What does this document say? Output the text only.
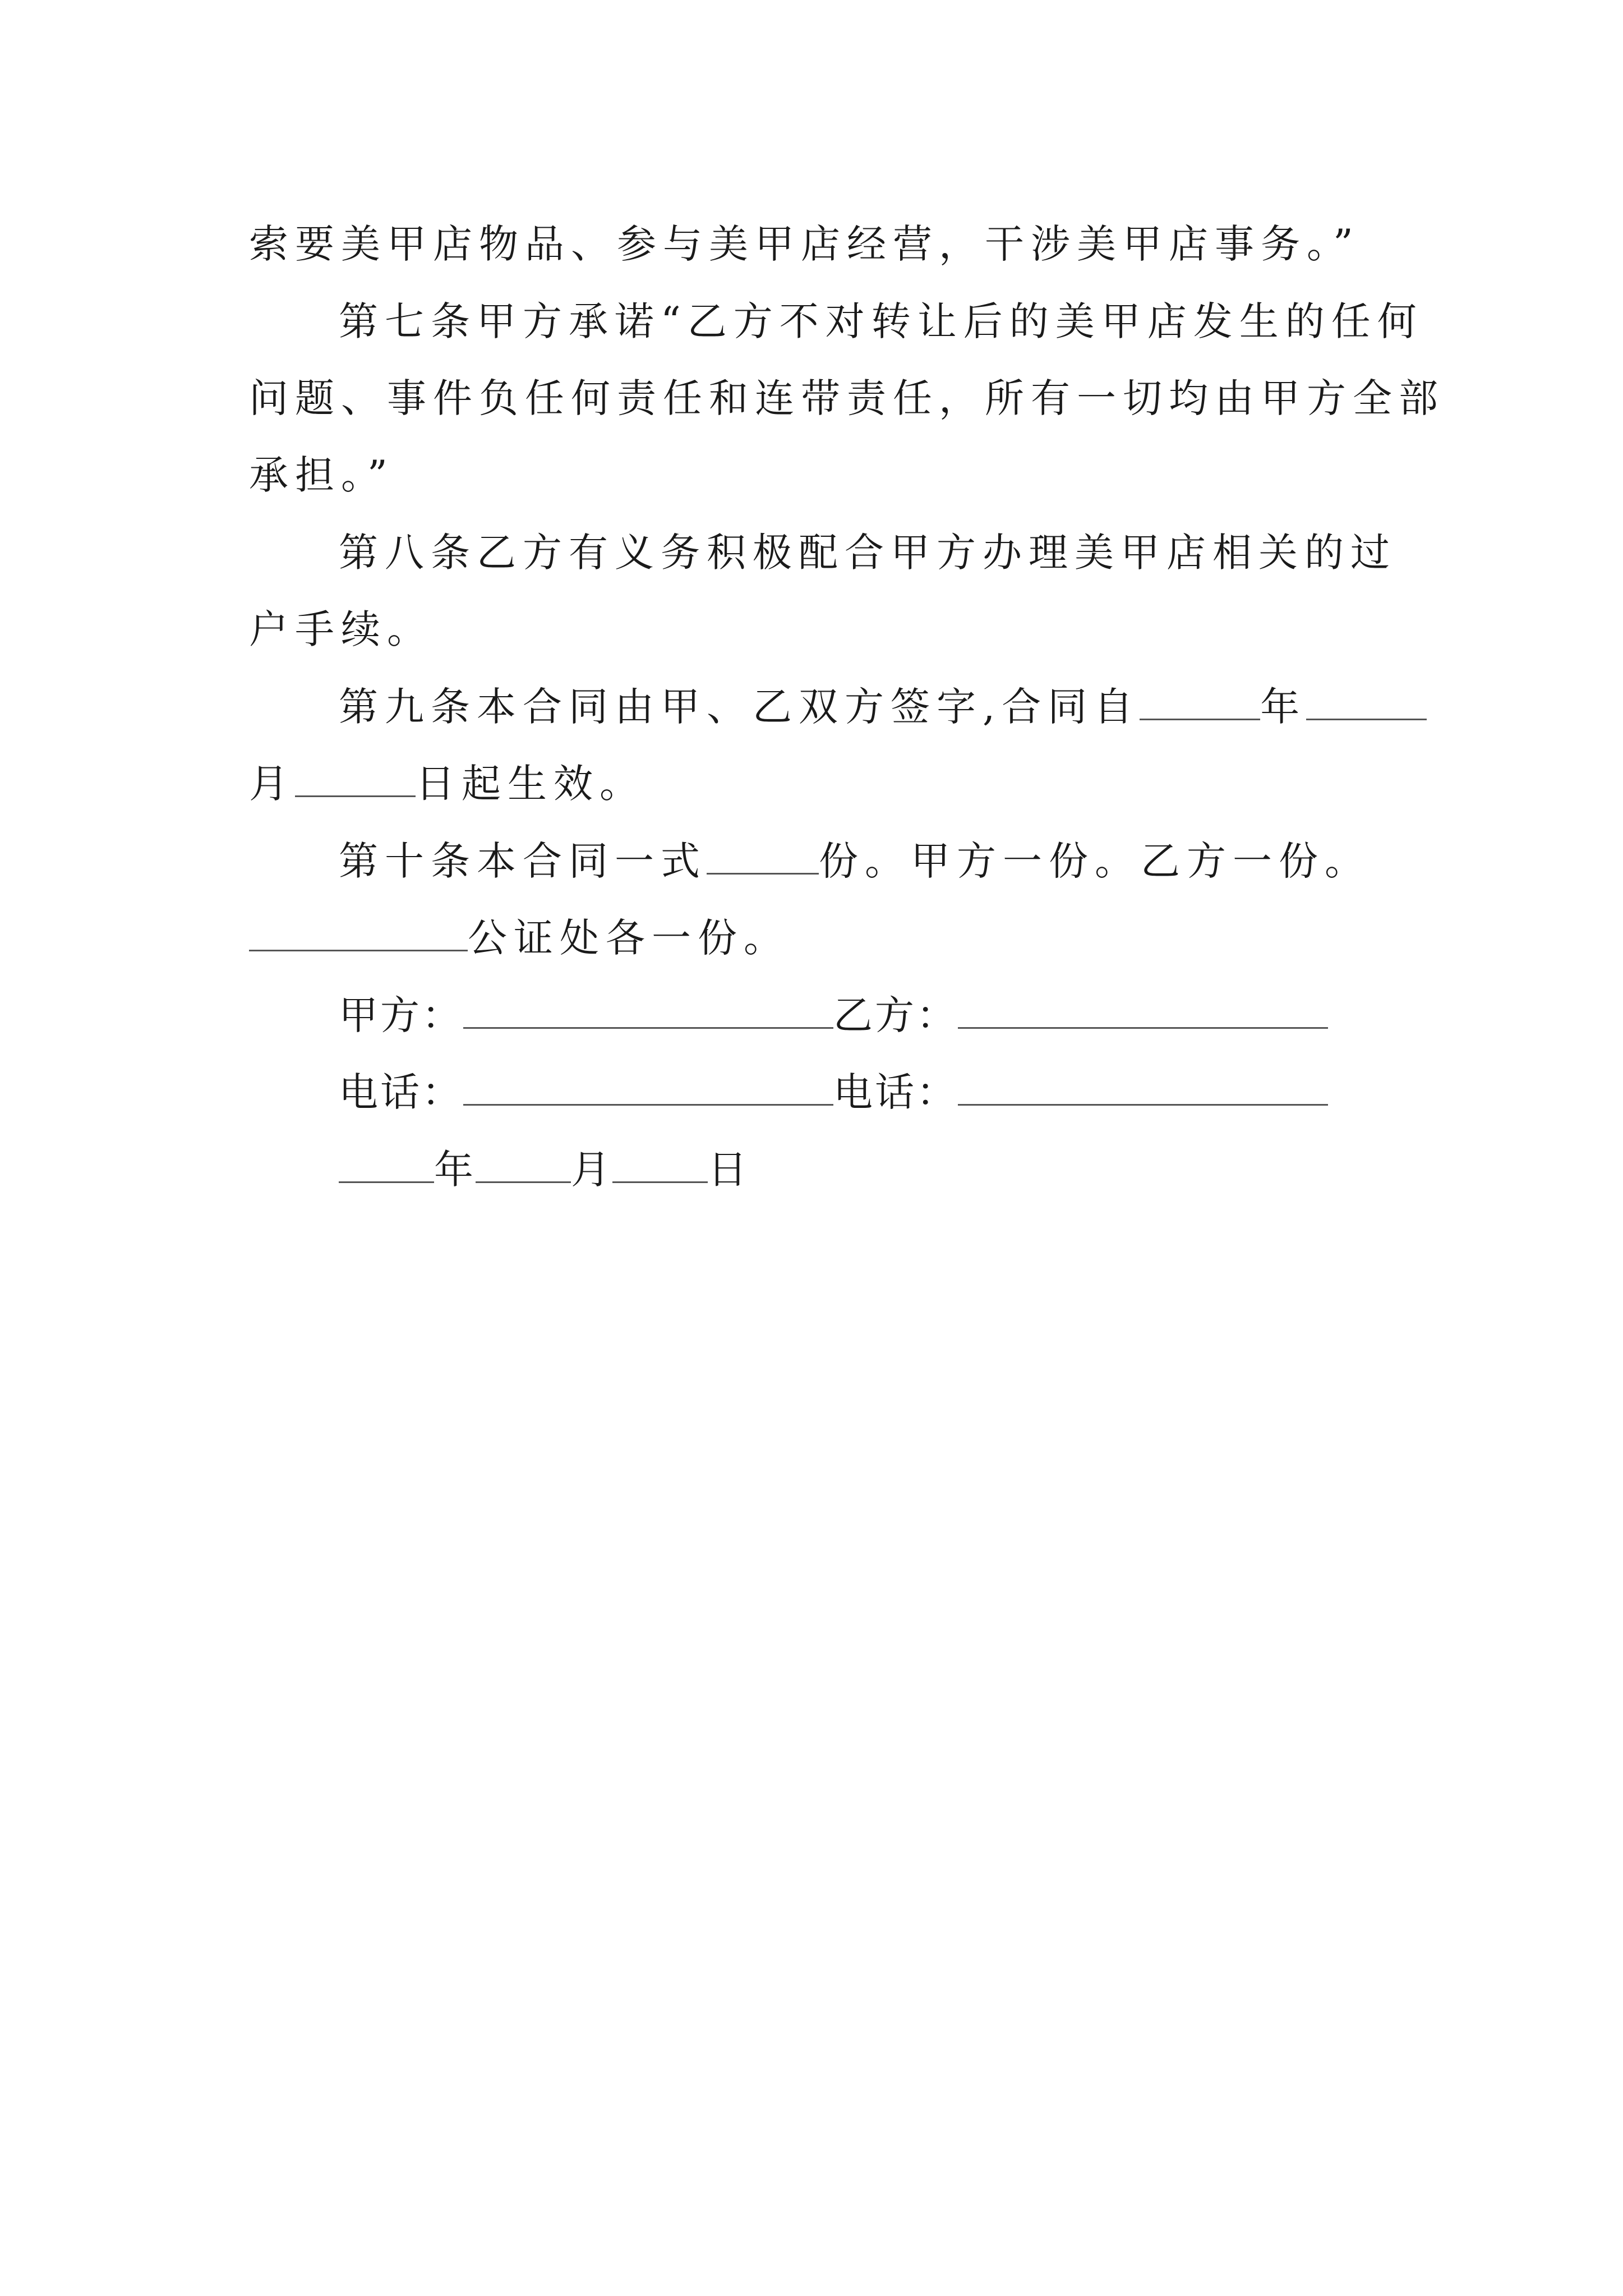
索要美甲店物品、参与美甲店经营，干涉美甲店事务。”
第七条甲方承诺“乙方不对转让后的美甲店发生的任何
问题、事件负任何责任和连带责任，所有一切均由甲方全部
承担。”
第八条乙方有义务积极配合甲方办理美甲店相关的过
户手续。
第九条本合同由甲、乙双方签字,合同自	年
月	日起生效。
第十条本合同一式	份。甲方一份。乙方一份。
公证处各一份。
甲方：	乙方：
电话：	电话：
年 月 日
